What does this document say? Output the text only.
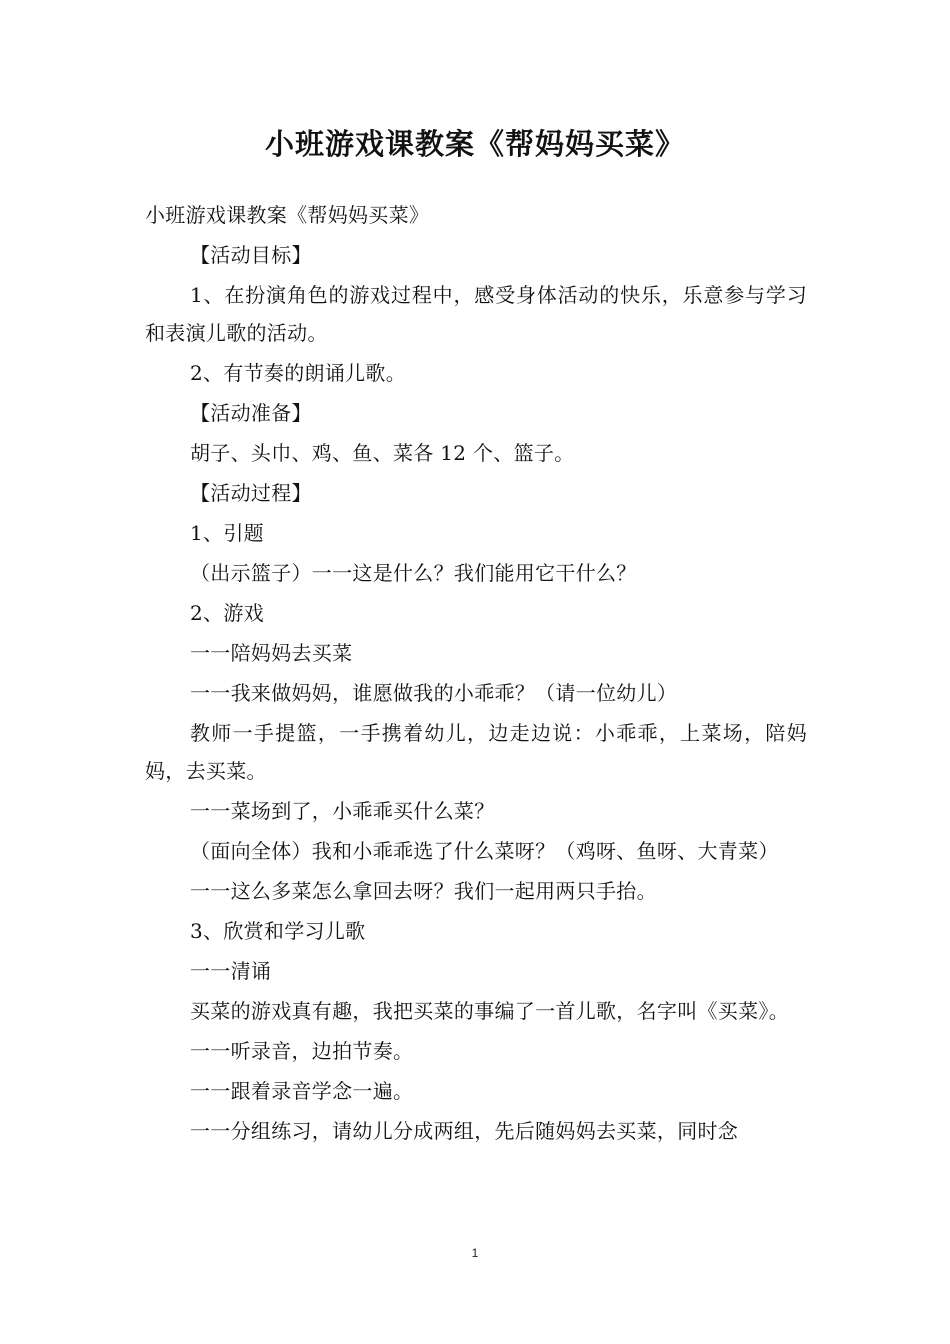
小班游戏课教案《帮妈妈买菜》

小班游戏课教案《帮妈妈买菜》

【活动目标】

1、在扮演角色的游戏过程中，感受身体活动的快乐，乐意参与学习和表演儿歌的活动。

2、有节奏的朗诵儿歌。

【活动准备】

胡子、头巾、鸡、鱼、菜各 12 个、篮子。

【活动过程】

1、引题

（出示篮子）一一这是什么？我们能用它干什么？

2、游戏

一一陪妈妈去买菜

一一我来做妈妈，谁愿做我的小乖乖？（请一位幼儿）

教师一手提篮，一手携着幼儿，边走边说：小乖乖，上菜场，陪妈妈，去买菜。

一一菜场到了，小乖乖买什么菜？

（面向全体）我和小乖乖选了什么菜呀？（鸡呀、鱼呀、大青菜）

一一这么多菜怎么拿回去呀？我们一起用两只手抬。

3、欣赏和学习儿歌

一一清诵

买菜的游戏真有趣，我把买菜的事编了一首儿歌，名字叫《买菜》。

一一听录音，边拍节奏。

一一跟着录音学念一遍。

一一分组练习，请幼儿分成两组，先后随妈妈去买菜，同时念

1
